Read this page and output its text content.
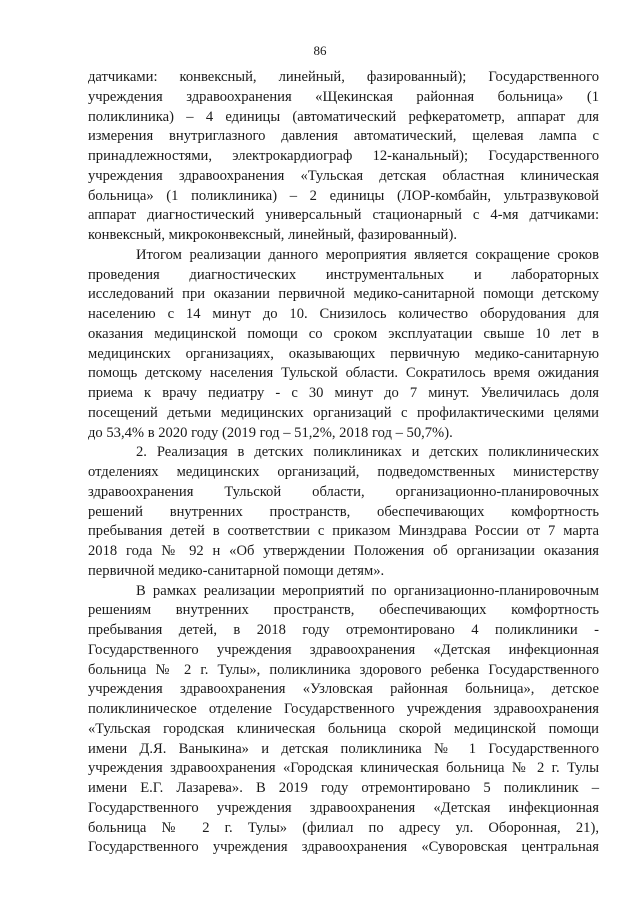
86
датчиками: конвексный, линейный, фазированный); Государственного
учреждения здравоохранения «Щекинская районная больница» (1
поликлиника) – 4 единицы (автоматический рефкератометр, аппарат для
измерения внутриглазного давления автоматический, щелевая лампа с
принадлежностями, электрокардиограф 12-канальный); Государственного
учреждения здравоохранения «Тульская детская областная клиническая
больница» (1 поликлиника) – 2 единицы (ЛОР-комбайн, ультразвуковой
аппарат диагностический универсальный стационарный с 4-мя датчиками:
конвексный, микроконвексный, линейный, фазированный).
Итогом реализации данного мероприятия является сокращение сроков
проведения диагностических инструментальных и лабораторных
исследований при оказании первичной медико-санитарной помощи детскому
населению с 14 минут до 10. Снизилось количество оборудования для
оказания медицинской помощи со сроком эксплуатации свыше 10 лет в
медицинских организациях, оказывающих первичную медико-санитарную
помощь детскому населения Тульской области. Сократилось время ожидания
приема к врачу педиатру - с 30 минут до 7 минут. Увеличилась доля
посещений детьми медицинских организаций с профилактическими целями
до 53,4% в 2020 году (2019 год – 51,2%, 2018 год – 50,7%).
2. Реализация в детских поликлиниках и детских поликлинических
отделениях медицинских организаций, подведомственных министерству
здравоохранения Тульской области, организационно-планировочных
решений внутренних пространств, обеспечивающих комфортность
пребывания детей в соответствии с приказом Минздрава России от 7 марта
2018 года № 92 н «Об утверждении Положения об организации оказания
первичной медико-санитарной помощи детям».
В рамках реализации мероприятий по организационно-планировочным
решениям внутренних пространств, обеспечивающих комфортность
пребывания детей, в 2018 году отремонтировано 4 поликлиники -
Государственного учреждения здравоохранения «Детская инфекционная
больница № 2 г. Тулы», поликлиника здорового ребенка Государственного
учреждения здравоохранения «Узловская районная больница», детское
поликлиническое отделение Государственного учреждения здравоохранения
«Тульская городская клиническая больница скорой медицинской помощи
имени Д.Я. Ваныкина» и детская поликлиника № 1 Государственного
учреждения здравоохранения «Городская клиническая больница № 2 г. Тулы
имени Е.Г. Лазарева». В 2019 году отремонтировано 5 поликлиник –
Государственного учреждения здравоохранения «Детская инфекционная
больница № 2 г. Тулы» (филиал по адресу ул. Оборонная, 21),
Государственного учреждения здравоохранения «Суворовская центральная
